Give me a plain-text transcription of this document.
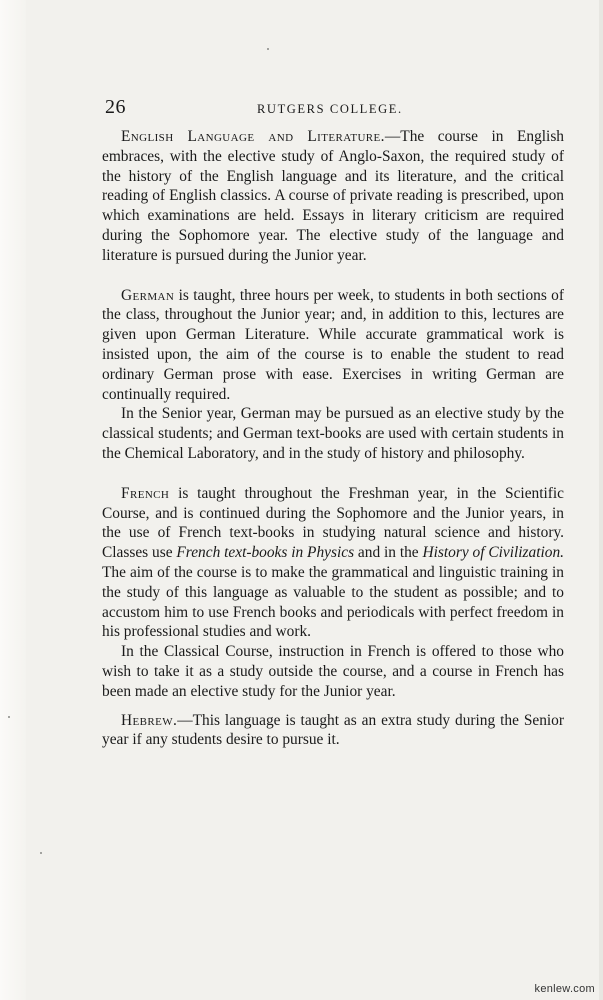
26	RUTGERS COLLEGE.

English Language and Literature.—The course in English embraces, with the elective study of Anglo-Saxon, the required study of the history of the English language and its literature, and the critical reading of English classics. A course of private reading is prescribed, upon which examinations are held. Essays in literary criticism are required during the Sophomore year. The elective study of the language and literature is pursued during the Junior year.

German is taught, three hours per week, to students in both sections of the class, throughout the Junior year; and, in addition to this, lectures are given upon German Literature. While accurate grammatical work is insisted upon, the aim of the course is to enable the student to read ordinary German prose with ease. Exercises in writing German are continually required.

In the Senior year, German may be pursued as an elective study by the classical students; and German text-books are used with certain students in the Chemical Laboratory, and in the study of history and philosophy.

French is taught throughout the Freshman year, in the Scientific Course, and is continued during the Sophomore and the Junior years, in the use of French text-books in studying natural science and history. Classes use French text-books in Physics and in the History of Civilization. The aim of the course is to make the grammatical and linguistic training in the study of this language as valuable to the student as possible; and to accustom him to use French books and periodicals with perfect freedom in his professional studies and work.

In the Classical Course, instruction in French is offered to those who wish to take it as a study outside the course, and a course in French has been made an elective study for the Junior year.

Hebrew.—This language is taught as an extra study during the Senior year if any students desire to pursue it.

kenlew.com
